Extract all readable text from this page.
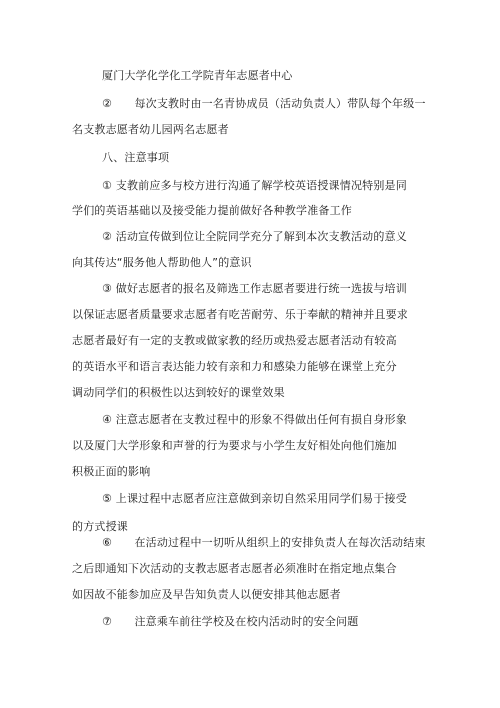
厦门大学化学化工学院青年志愿者中心
②　　每次支教时由一名青协成员（活动负责人）带队每个年级一
名支教志愿者幼儿园两名志愿者
八、注意事项
① 支教前应多与校方进行沟通了解学校英语授课情况特别是同
学们的英语基础以及接受能力提前做好各种教学准备工作
② 活动宣传做到位让全院同学充分了解到本次支教活动的意义
向其传达“服务他人帮助他人”的意识
③ 做好志愿者的报名及筛选工作志愿者要进行统一选拔与培训
以保证志愿者质量要求志愿者有吃苦耐劳、乐于奉献的精神并且要求
志愿者最好有一定的支教或做家教的经历或热爱志愿者活动有较高
的英语水平和语言表达能力较有亲和力和感染力能够在课堂上充分
调动同学们的积极性以达到较好的课堂效果
④ 注意志愿者在支教过程中的形象不得做出任何有损自身形象
以及厦门大学形象和声誉的行为要求与小学生友好相处向他们施加
积极正面的影响
⑤ 上课过程中志愿者应注意做到亲切自然采用同学们易于接受
的方式授课
⑥　　在活动过程中一切听从组织上的安排负责人在每次活动结束
之后即通知下次活动的支教志愿者志愿者必须准时在指定地点集合
如因故不能参加应及早告知负责人以便安排其他志愿者
⑦　　注意乘车前往学校及在校内活动时的安全问题
